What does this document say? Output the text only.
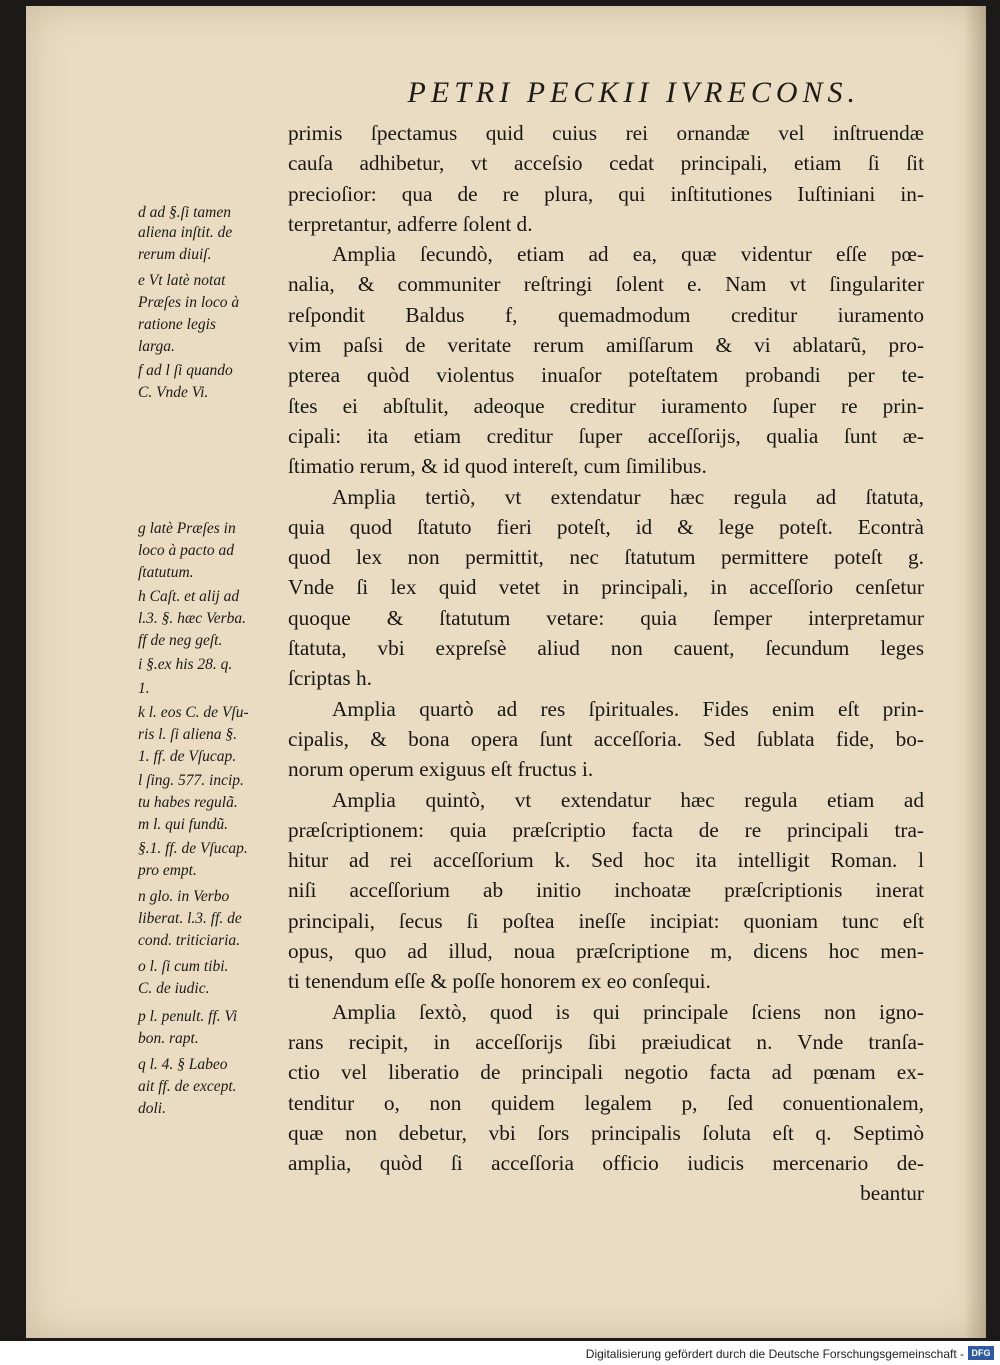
PETRI PECKII IVRECONS.
primis ſpectamus quid cuius rei ornandæ vel inſtruendæ
cauſa adhibetur, vt acceſsio cedat principali, etiam ſi ſit
precioſior: qua de re plura, qui inſtitutiones Iuſtiniani in-
terpretantur, adferre ſolent d.
Amplia ſecundò, etiam ad ea, quæ videntur eſſe pœ-
nalia, & communiter reſtringi ſolent e. Nam vt ſingulariter
reſpondit Baldus f, quemadmodum creditur iuramento
vim paſsi de veritate rerum amiſſarum & vi ablatarũ, pro-
pterea quòd violentus inuaſor poteſtatem probandi per te-
ſtes ei abſtulit, adeoque creditur iuramento ſuper re prin-
cipali: ita etiam creditur ſuper acceſſorijs, qualia ſunt æ-
ſtimatio rerum, & id quod intereſt, cum ſimilibus.
Amplia tertiò, vt extendatur hæc regula ad ſtatuta,
quia quod ſtatuto fieri poteſt, id & lege poteſt. Econtrà
quod lex non permittit, nec ſtatutum permittere poteſt g.
Vnde ſi lex quid vetet in principali, in acceſſorio cenſetur
quoque & ſtatutum vetare: quia ſemper interpretamur
ſtatuta, vbi expreſsè aliud non cauent, ſecundum leges
ſcriptas h.
Amplia quartò ad res ſpirituales. Fides enim eſt prin-
cipalis, & bona opera ſunt acceſſoria. Sed ſublata fide, bo-
norum operum exiguus eſt fructus i.
Amplia quintò, vt extendatur hæc regula etiam ad
præſcriptionem: quia præſcriptio facta de re principali tra-
hitur ad rei acceſſorium k. Sed hoc ita intelligit Roman. l
niſi acceſſorium ab initio inchoatæ præſcriptionis inerat
principali, ſecus ſi poſtea ineſſe incipiat: quoniam tunc eſt
opus, quo ad illud, noua præſcriptione m, dicens hoc men-
ti tenendum eſſe & poſſe honorem ex eo conſequi.
Amplia ſextò, quod is qui principale ſciens non igno-
rans recipit, in acceſſorijs ſibi præiudicat n. Vnde tranſa-
ctio vel liberatio de principali negotio facta ad pœnam ex-
tenditur o, non quidem legalem p, ſed conuentionalem,
quæ non debetur, vbi ſors principalis ſoluta eſt q. Septimò
amplia, quòd ſi acceſſoria officio iudicis mercenario de-
beantur
d ad §.ſi tamen
aliena inſtit. de
rerum diuiſ.
e Vt latè notat
Præſes in loco à
ratione legis
larga.
f ad l ſi quando
C. Vnde Vi.
g latè Præſes in
loco à pacto ad
ſtatutum.
h Caſt. et alij ad
l.3. §. hæc Verba.
ff de neg geſt.
i §.ex his 28. q.
1.
k l. eos C. de Vſu-
ris l. ſi aliena §.
1. ff. de Vſucap.
l ſing. 577. incip.
tu habes regulã.
m l. qui fundũ.
§.1. ff. de Vſucap.
pro empt.
n glo. in Verbo
liberat. l.3. ff. de
cond. triticiaria.
o l. ſi cum tibi.
C. de iudic.
p l. penult. ff. Vi
bon. rapt.
q l. 4. § Labeo
ait ff. de except.
doli.
Digitalisierung gefördert durch die Deutsche Forschungsgemeinschaft - DFG
